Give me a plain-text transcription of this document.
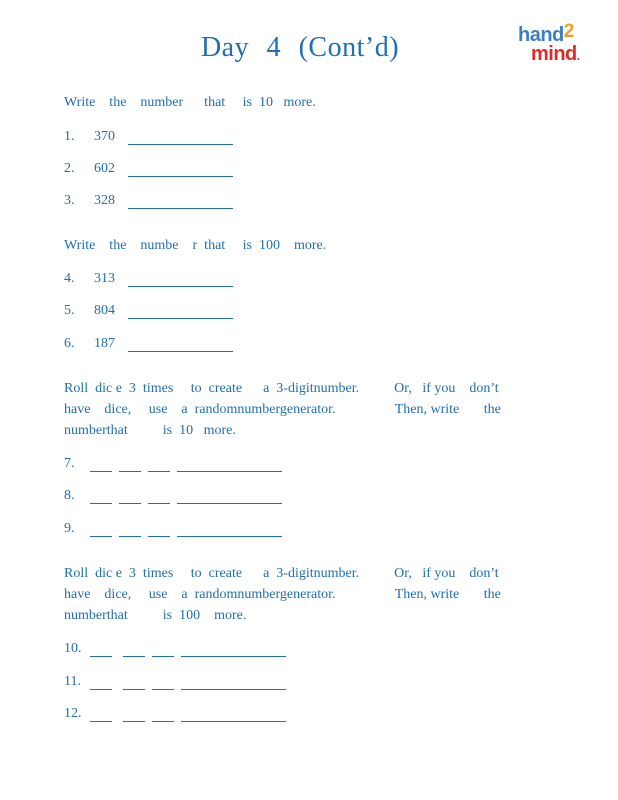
Day 4 (Cont’d)	hand2
mind.
Write    the    number      that     is  10   more.
1. 370
2. 602
3. 328
Write    the    numbe    r  that     is  100    more.
4. 313
5. 804
6. 187
Roll  dic e  3  times     to  create      a  3-digitnumber.          Or,   if you    don’t
have    dice,     use    a  randomnumbergenerator.                 Then, write       the
numberthat          is  10   more.
7.
8.
9.
Roll  dic e  3  times     to  create      a  3-digitnumber.          Or,   if you    don’t
have    dice,     use    a  randomnumbergenerator.                 Then, write       the
numberthat          is  100    more.
10.
11.
12.
